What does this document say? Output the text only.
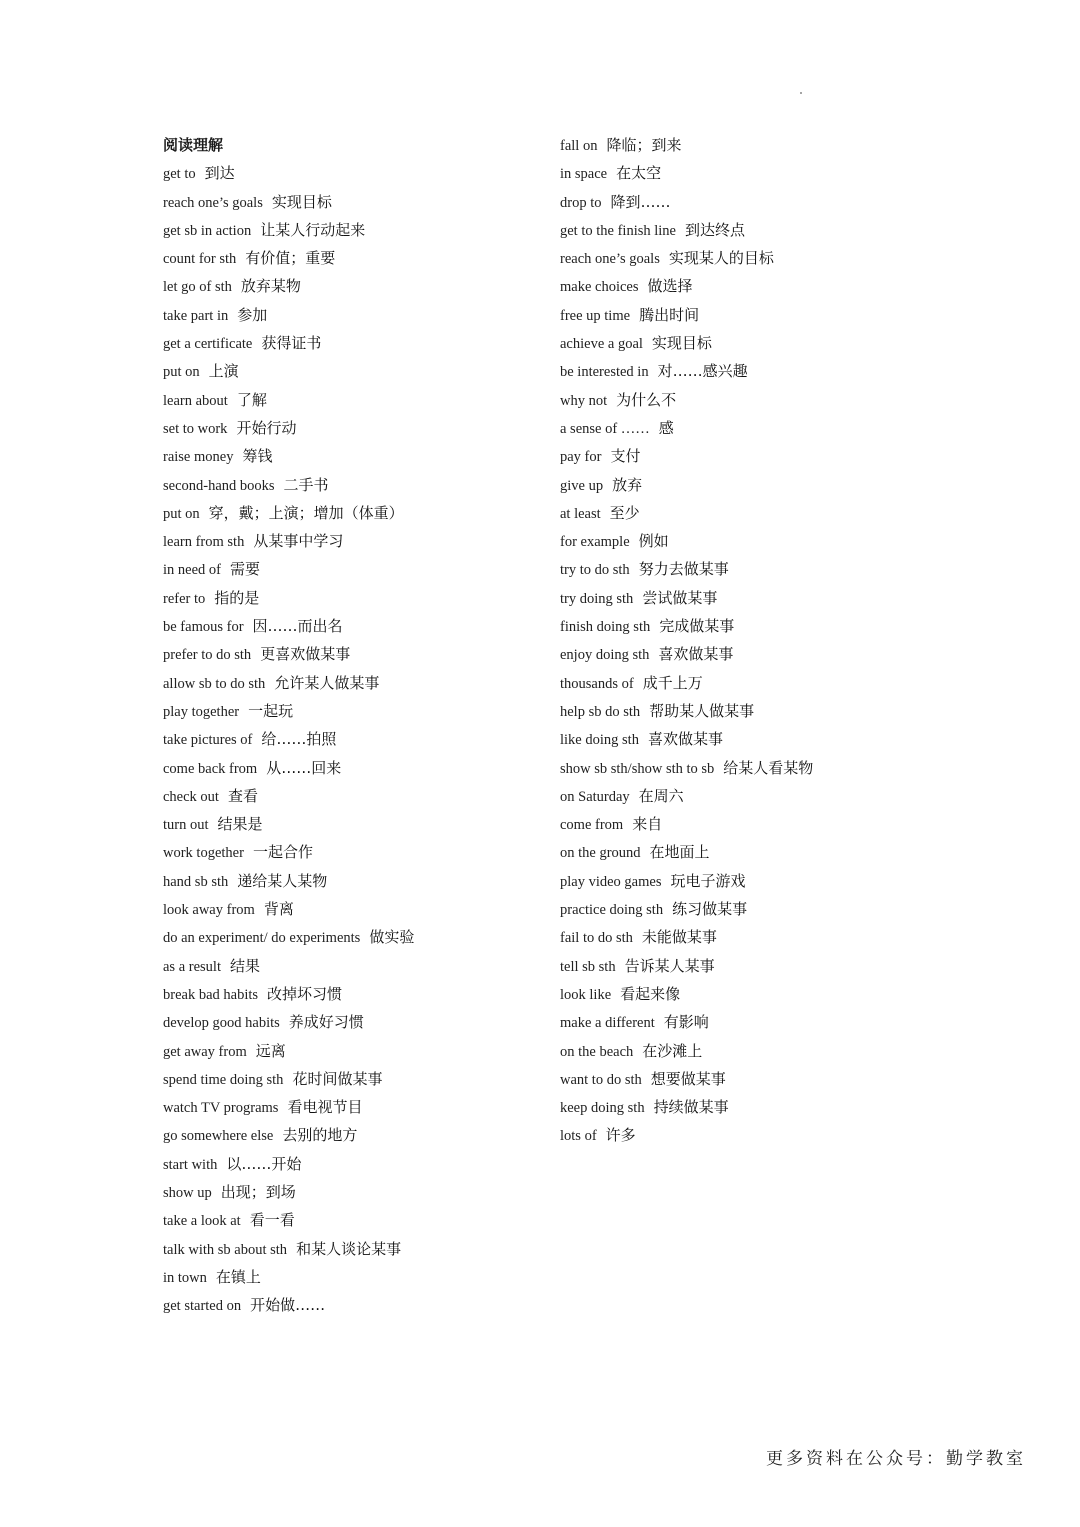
阅读理解
get to 到达
reach one’s goals 实现目标
get sb in action 让某人行动起来
count for sth 有价值；重要
let go of sth 放弃某物
take part in 参加
get a certificate 获得证书
put on 上演
learn about 了解
set to work 开始行动
raise money 筹钱
second-hand books 二手书
put on 穿，戴；上演；增加（体重）
learn from sth 从某事中学习
in need of 需要
refer to 指的是
be famous for 因……而出名
prefer to do sth 更喜欢做某事
allow sb to do sth 允许某人做某事
play together 一起玩
take pictures of 给……拍照
come back from 从……回来
check out 查看
turn out 结果是
work together 一起合作
hand sb sth 递给某人某物
look away from 背离
do an experiment/ do experiments 做实验
as a result 结果
break bad habits 改掉坏习惯
develop good habits 养成好习惯
get away from 远离
spend time doing sth 花时间做某事
watch TV programs 看电视节目
go somewhere else 去别的地方
start with 以……开始
show up 出现；到场
take a look at 看一看
talk with sb about sth 和某人谈论某事
in town 在镇上
get started on 开始做……
fall on 降临；到来
in space 在太空
drop to 降到……
get to the finish line 到达终点
reach one’s goals 实现某人的目标
make choices 做选择
free up time 腾出时间
achieve a goal 实现目标
be interested in 对……感兴趣
why not 为什么不
a sense of …… 感
pay for 支付
give up 放弃
at least 至少
for example 例如
try to do sth 努力去做某事
try doing sth 尝试做某事
finish doing sth 完成做某事
enjoy doing sth 喜欢做某事
thousands of 成千上万
help sb do sth 帮助某人做某事
like doing sth 喜欢做某事
show sb sth/show sth to sb 给某人看某物
on Saturday 在周六
come from 来自
on the ground 在地面上
play video games 玩电子游戏
practice doing sth 练习做某事
fail to do sth 未能做某事
tell sb sth 告诉某人某事
look like 看起来像
make a different 有影响
on the beach 在沙滩上
want to do sth 想要做某事
keep doing sth 持续做某事
lots of 许多
更多资料在公众号：勤学教室
